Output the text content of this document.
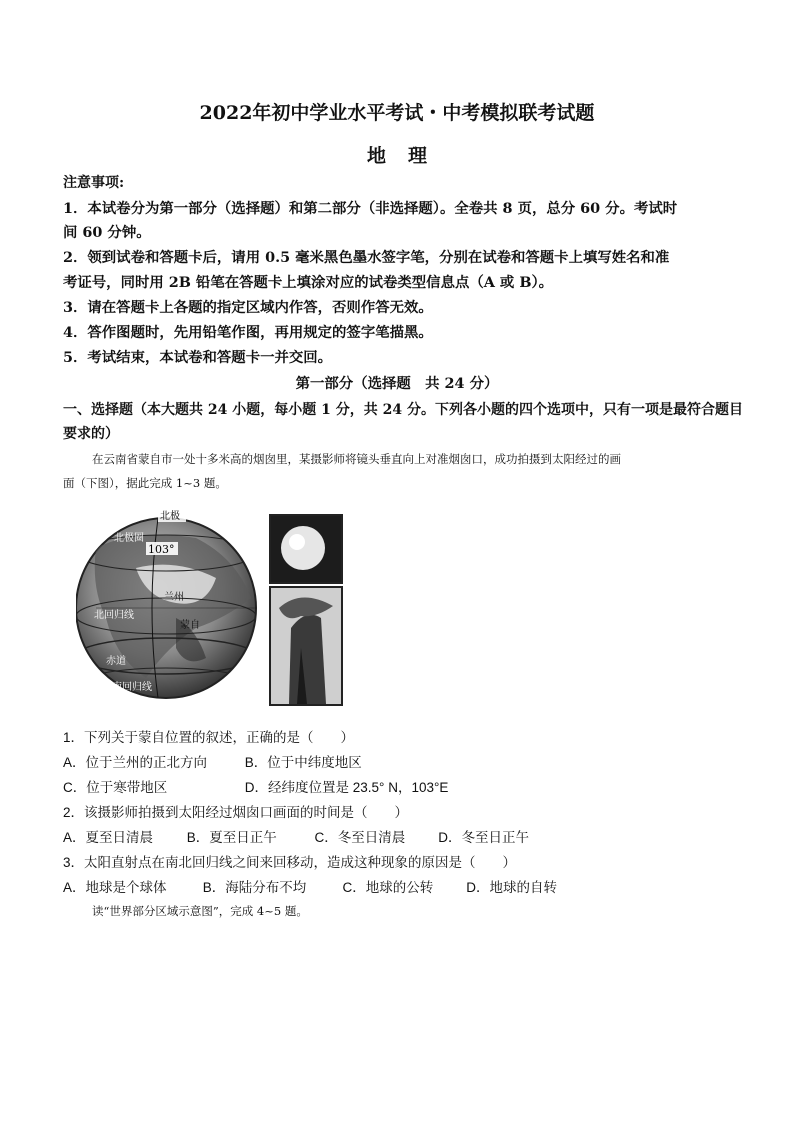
2022年初中学业水平考试・中考模拟联考试题
地理
注意事项:
1．本试卷分为第一部分（选择题）和第二部分（非选择题）。全卷共 8 页，总分 60 分。考试时
间 60 分钟。
2．领到试卷和答题卡后，请用 0.5 毫米黑色墨水签字笔，分别在试卷和答题卡上填写姓名和准
考证号，同时用 2B 铅笔在答题卡上填涂对应的试卷类型信息点（A 或 B）。
3．请在答题卡上各题的指定区域内作答，否则作答无效。
4．答作图题时，先用铅笔作图，再用规定的签字笔描黑。
5．考试结束，本试卷和答题卡一并交回。
第一部分（选择题　共 24 分）
一、选择题（本大题共 24 小题，每小题 1 分，共 24 分。下列各小题的四个选项中，只有一项是最符合题目
要求的）
在云南省蒙自市一处十多米高的烟囱里，某摄影师将镜头垂直向上对准烟囱口，成功拍摄到太阳经过的画
面（下图），据此完成 1~3 题。
北极
北极圈
103°
兰州
蒙自
北回归线
赤道
南回归线
1．下列关于蒙自位置的叙述，正确的是（　　）
A．位于兰州的正北方向	B．位于中纬度地区
C．位于寒带地区	D．经纬度位置是 23.5° N，103°E
2．该摄影师拍摄到太阳经过烟囱口画面的时间是（　　）
A．夏至日清晨	B．夏至日正午	C．冬至日清晨 D．冬至日正午
3．太阳直射点在南北回归线之间来回移动，造成这种现象的原因是（　　）
A．地球是个球体	B．海陆分布不均	C．地球的公转 D．地球的自转
读“世界部分区域示意图”，完成 4~5 题。
